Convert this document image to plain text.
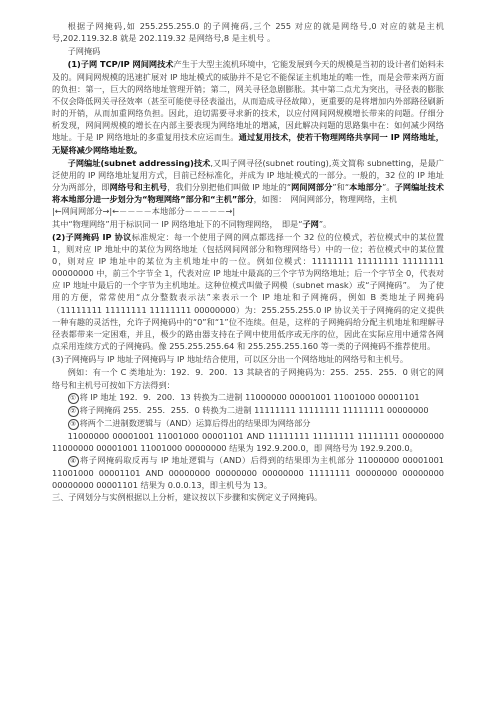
根据子网掩码,如 255.255.255.0 的子网掩码,三个 255 对应的就是网络号,0 对应的就是主机号,202.119.32.8 就是 202.119.32 是网络号,8 是主机号 。

子网掩码

(1)子网 TCP/IP 网间网技术产生于大型主流机环境中，它能发展到今天的规模是当初的设计者们始料未及的。网间网规模的迅速扩展对 IP 地址模式的威胁并不是它不能保证主机地址的唯一性，而是会带来两方面的负担：第一，巨大的网络地址管理开销；第二，网关寻径急剧膨胀。其中第二点尤为突出，寻径表的膨胀不仅会降低网关寻径效率（甚至可能使寻径表溢出，从而造成寻径故障），更重要的是将增加内外部路径刷新时的开销，从而加重网络负担。因此，迫切需要寻求新的技术，以应付网间网规模增长带来的问题。仔细分析发现，网间网规模的增长在内部主要表现为网络地址的增减，因此解决问题的思路集中在：如何减少网络地址。于是 IP 网络地址的多重复用技术应运而生。通过复用技术，使若干物理网络共享同一 IP 网络地址，无疑将减少网络地址数。

子网编址(subnet addressing)技术,又叫子网寻径(subnet routing),英文简称 subnetting，是最广泛使用的 IP 网络地址复用方式，目前已经标准化，并成为 IP 地址模式的一部分。一般的，32 位的 IP 地址分为两部分，即网络号和主机号，我们分别把他们叫做 IP 地址的“网间网部分”和“本地部分”。子网编址技术将本地部分进一步划分为“物理网络”部分和“主机”部分，如图：　网间网部分，物理网络，主机

|←网间网部分→|←－－－－本地部分－－－－－→|

其中“物理网络”用于标识同一 IP 网络地址下的不同物理网络，　即是“子网”。

(2)子网掩码 IP 协议标准规定：每一个使用子网的网点都选择一个 32 位的位模式，若位模式中的某位置 1，则对应 IP 地址中的某位为网络地址（包括网间网部分和物理网络号）中的一位；若位模式中的某位置 0，则对应 IP 地址中的某位为主机地址中的一位。例如位模式：11111111 11111111 11111111 00000000 中，前三个字节全 1，代表对应 IP 地址中最高的三个字节为网络地址；后一个字节全 0，代表对应 IP 地址中最后的一个字节为主机地址。这种位模式叫做子网模（subnet mask）或“子网掩码”。　为了使用的方便，常常使用“点分整数表示法”来表示一个 IP 地址和子网掩码，例如 B 类地址子网掩码（11111111 11111111 11111111 00000000）为：255.255.255.0 IP 协议关于子网掩码的定义提供一种有趣的灵活性，允许子网掩码中的“0”和“1”位不连续。但是，这样的子网掩码给分配主机地址和理解寻径表都带来一定困难，并且，极少的路由器支持在子网中使用低序或无序的位，因此在实际应用中通常各网点采用连续方式的子网掩码。像 255.255.255.64 和 255.255.255.160 等一类的子网掩码不推荐使用。

(3)子网掩码与 IP 地址子网掩码与 IP 地址结合使用，可以区分出一个网络地址的网络号和主机号。

例如：有一个 C 类地址为：192．9．200．13 其缺省的子网掩码为：255．255．255．0 则它的网络号和主机号可按如下方法得到：

① 将 IP 地址 192．9．200．13 转换为二进制 11000000 00001001 11001000 00001101

② 将子网掩码 255．255．255．0 转换为二进制 11111111 11111111 11111111 00000000

③ 将两个二进制数逻辑与（AND）运算后得出的结果即为网络部分

11000000 00001001 11001000 00001101 AND 11111111 11111111 11111111 00000000 11000000 00001001 11001000 00000000 结果为 192.9.200.0，即 网络号为 192.9.200.0。

④ 将子网掩码取反再与 IP 地址逻辑与（AND）后得到的结果即为主机部分 11000000 00001001 11001000 00001101 AND 00000000 00000000 00000000 11111111 00000000 00000000 00000000 00001101 结果为 0.0.0.13，即主机号为 13。

三、子网划分与实例根据以上分析，建议按以下步骤和实例定义子网掩码。
